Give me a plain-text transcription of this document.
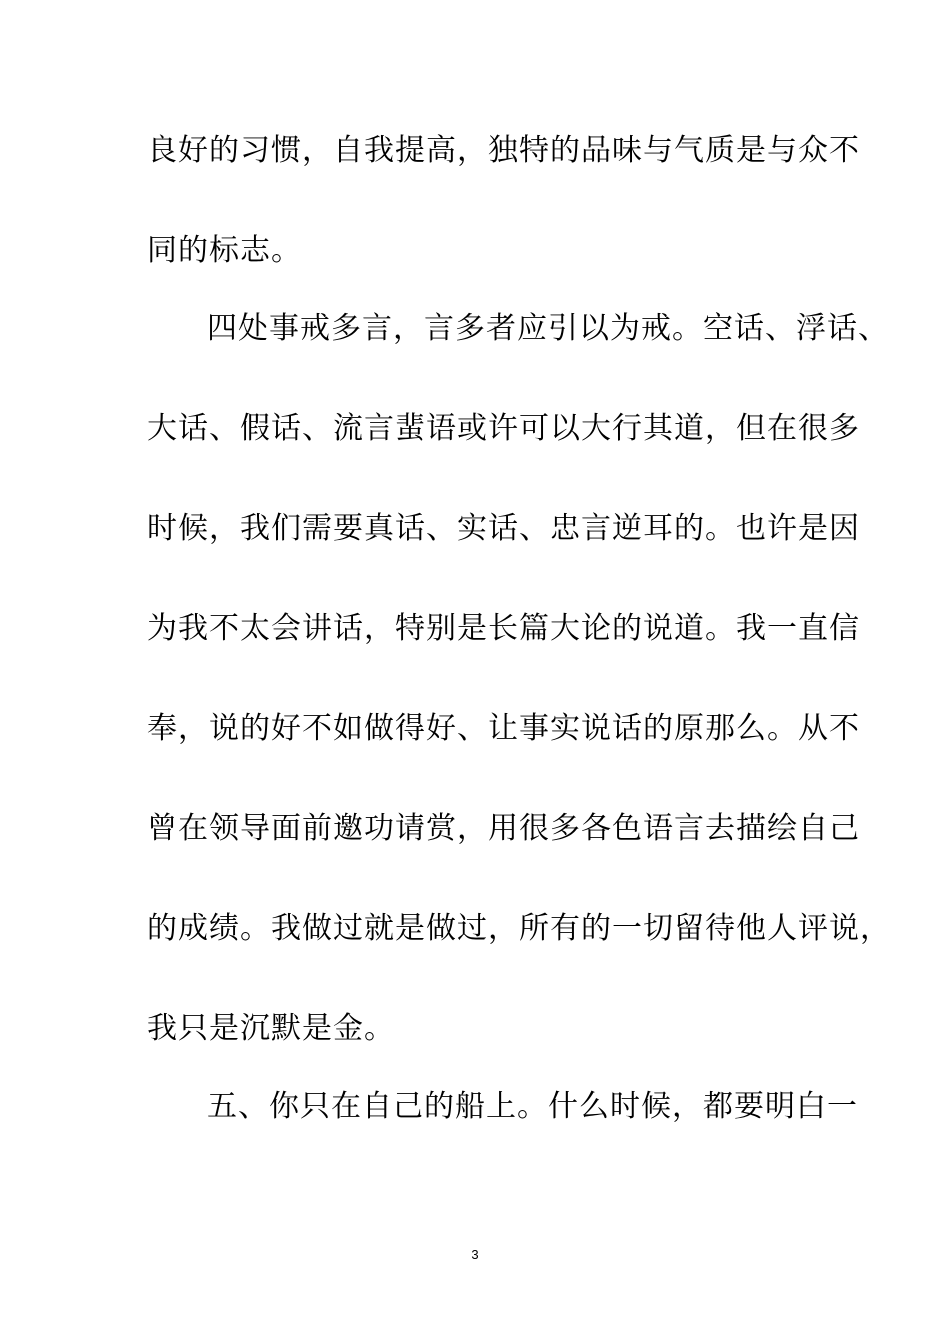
良好的习惯，自我提高，独特的品味与气质是与众不
同的标志。
四处事戒多言，言多者应引以为戒。空话、浮话、
大话、假话、流言蜚语或许可以大行其道，但在很多
时候，我们需要真话、实话、忠言逆耳的。也许是因
为我不太会讲话，特别是长篇大论的说道。我一直信
奉，说的好不如做得好、让事实说话的原那么。从不
曾在领导面前邀功请赏，用很多各色语言去描绘自己
的成绩。我做过就是做过，所有的一切留待他人评说，
我只是沉默是金。
五、你只在自己的船上。什么时候，都要明白一
3
